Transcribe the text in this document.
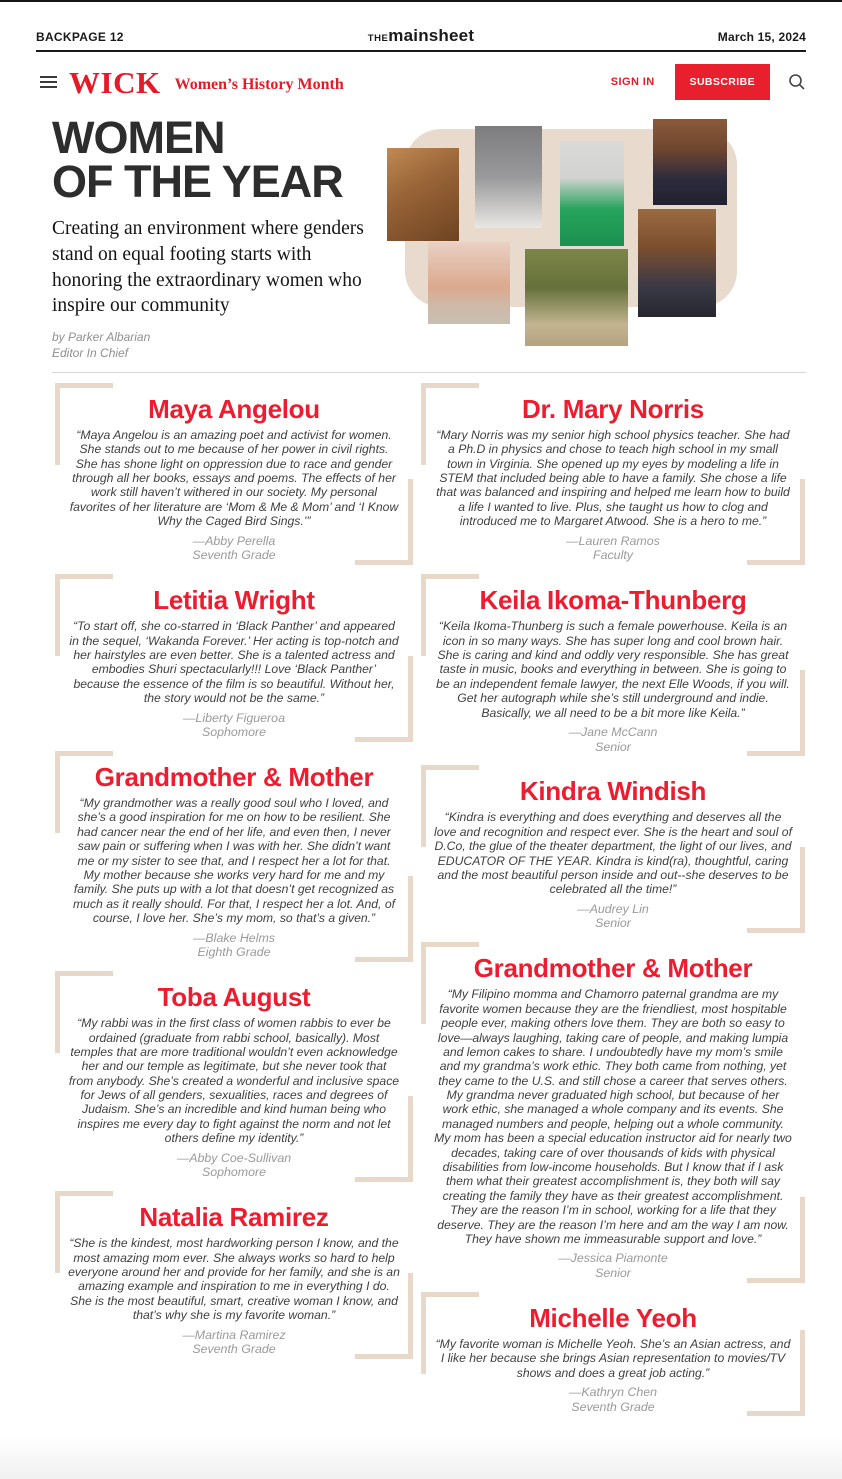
BACKPAGE 12	THEmainsheet	March 15, 2024
WICK Women’s History Month	SIGN IN	SUBSCRIBE
WOMEN
OF THE YEAR
Creating an environment where genders stand on equal footing starts with honoring the extraordinary women who inspire our community
by Parker Albarian
Editor In Chief
Maya Angelou

“Maya Angelou is an amazing poet and activist for women. She stands out to me because of her power in civil rights. She has shone light on oppression due to race and gender through all her books, essays and poems. The effects of her work still haven’t withered in our society. My personal favorites of her literature are ‘Mom & Me & Mom’ and ‘I Know Why the Caged Bird Sings.’”

—Abby Perella
Seventh Grade
Letitia Wright

“To start off, she co-starred in ‘Black Panther’ and appeared in the sequel, ‘Wakanda Forever.’ Her acting is top-notch and her hairstyles are even better. She is a talented actress and embodies Shuri spectacularly!!! Love ‘Black Panther’ because the essence of the film is so beautiful. Without her, the story would not be the same.”

—Liberty Figueroa
Sophomore
Grandmother & Mother

“My grandmother was a really good soul who I loved, and she’s a good inspiration for me on how to be resilient. She had cancer near the end of her life, and even then, I never saw pain or suffering when I was with her. She didn’t want me or my sister to see that, and I respect her a lot for that. My mother because she works very hard for me and my family. She puts up with a lot that doesn’t get recognized as much as it really should. For that, I respect her a lot. And, of course, I love her. She’s my mom, so that’s a given.”

—Blake Helms
Eighth Grade
Toba August

“My rabbi was in the first class of women rabbis to ever be ordained (graduate from rabbi school, basically). Most temples that are more traditional wouldn’t even acknowledge her and our temple as legitimate, but she never took that from anybody. She’s created a wonderful and inclusive space for Jews of all genders, sexualities, races and degrees of Judaism. She’s an incredible and kind human being who inspires me every day to fight against the norm and not let others define my identity.”

—Abby Coe-Sullivan
Sophomore
Natalia Ramirez

“She is the kindest, most hardworking person I know, and the most amazing mom ever. She always works so hard to help everyone around her and provide for her family, and she is an amazing example and inspiration to me in everything I do. She is the most beautiful, smart, creative woman I know, and that’s why she is my favorite woman.”

—Martina Ramirez
Seventh Grade
Dr. Mary Norris

“Mary Norris was my senior high school physics teacher. She had a Ph.D in physics and chose to teach high school in my small town in Virginia. She opened up my eyes by modeling a life in STEM that included being able to have a family. She chose a life that was balanced and inspiring and helped me learn how to build a life I wanted to live. Plus, she taught us how to clog and introduced me to Margaret Atwood. She is a hero to me.”

—Lauren Ramos
Faculty
Keila Ikoma-Thunberg

“Keila Ikoma-Thunberg is such a female powerhouse. Keila is an icon in so many ways. She has super long and cool brown hair. She is caring and kind and oddly very responsible. She has great taste in music, books and everything in between. She is going to be an independent female lawyer, the next Elle Woods, if you will. Get her autograph while she’s still underground and indie. Basically, we all need to be a bit more like Keila.”

—Jane McCann
Senior
Kindra Windish

“Kindra is everything and does everything and deserves all the love and recognition and respect ever. She is the heart and soul of D.Co, the glue of the theater department, the light of our lives, and EDUCATOR OF THE YEAR. Kindra is kind(ra), thoughtful, caring and the most beautiful person inside and out--she deserves to be celebrated all the time!”

—Audrey Lin
Senior
Grandmother & Mother

“My Filipino momma and Chamorro paternal grandma are my favorite women because they are the friendliest, most hospitable people ever, making others love them. They are both so easy to love—always laughing, taking care of people, and making lumpia and lemon cakes to share. I undoubtedly have my mom’s smile and my grandma’s work ethic. They both came from nothing, yet they came to the U.S. and still chose a career that serves others. My grandma never graduated high school, but because of her work ethic, she managed a whole company and its events. She managed numbers and people, helping out a whole community. My mom has been a special education instructor aid for nearly two decades, taking care of over thousands of kids with physical disabilities from low-income households. But I know that if I ask them what their greatest accomplishment is, they both will say creating the family they have as their greatest accomplishment. They are the reason I’m in school, working for a life that they deserve. They are the reason I’m here and am the way I am now. They have shown me immeasurable support and love.”

—Jessica Piamonte
Senior
Michelle Yeoh

“My favorite woman is Michelle Yeoh. She’s an Asian actress, and I like her because she brings Asian representation to movies/TV shows and does a great job acting.”

—Kathryn Chen
Seventh Grade
